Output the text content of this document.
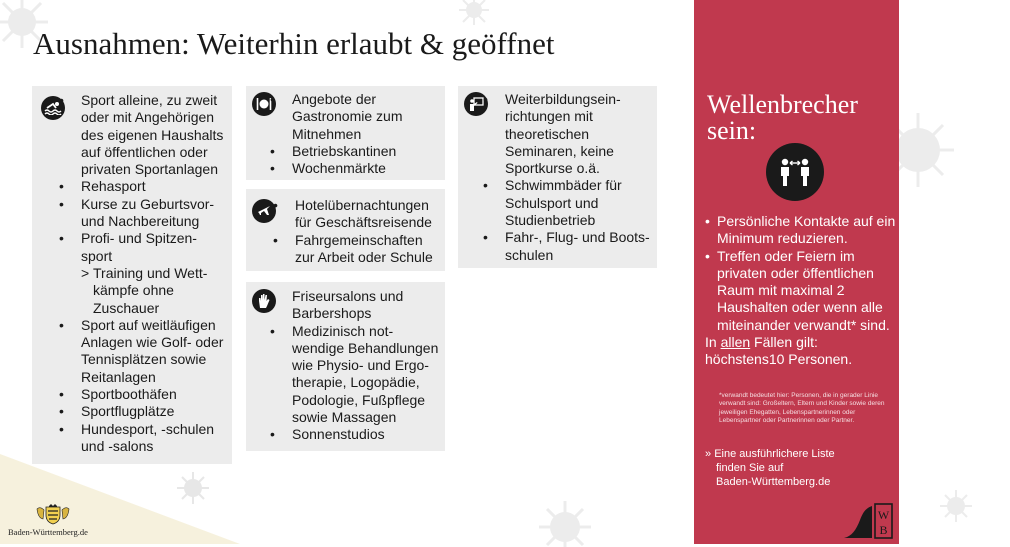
Ausnahmen: Weiterhin erlaubt & geöffnet
• Sport alleine, zu zweit oder mit Angehörigen des eigenen Haushalts auf öffentlichen oder privaten Sportanlagen
• Rehasport
• Kurse zu Geburtsvor- und Nachbereitung
• Profi- und Spitzen- sport
> Training und Wett- kämpfe ohne Zuschauer
• Sport auf weitläufigen Anlagen wie Golf- oder Tennisplätzen sowie Reitanlagen
• Sportboothäfen
• Sportflugplätze
• Hundesport, -schulen und -salons
• Angebote der Gastronomie zum Mitnehmen
• Betriebskantinen
• Wochenmärkte
• Hotelübernachtungen für Geschäftsreisende
• Fahrgemeinschaften zur Arbeit oder Schule
• Friseursalons und Barbershops
• Medizinisch not- wendige Behandlungen wie Physio- und Ergo- therapie, Logopädie, Podologie, Fußpflege sowie Massagen
• Sonnenstudios
• Weiterbildungsein- richtungen mit theoretischen Seminaren, keine Sportkurse o.ä.
• Schwimmbäder für Schulsport und Studienbetrieb
• Fahr-, Flug- und Boots- schulen
Wellenbrecher
sein:
• Persönliche Kontakte auf ein Minimum reduzieren.
• Treffen oder Feiern im privaten oder öffentlichen Raum mit maximal 2 Haushalten oder wenn alle miteinander verwandt* sind.
In allen Fällen gilt:
höchstens10 Personen.
*verwandt bedeutet hier: Personen, die in gerader Linie verwandt sind: Großeltern, Eltern und Kinder sowie deren jeweiligen Ehegatten, Lebenspartnerinnen oder Lebenspartner oder Partnerinnen oder Partner.
» Eine ausführlichere Liste
finden Sie auf
Baden-Württemberg.de
W
B
Baden-Württemberg.de
